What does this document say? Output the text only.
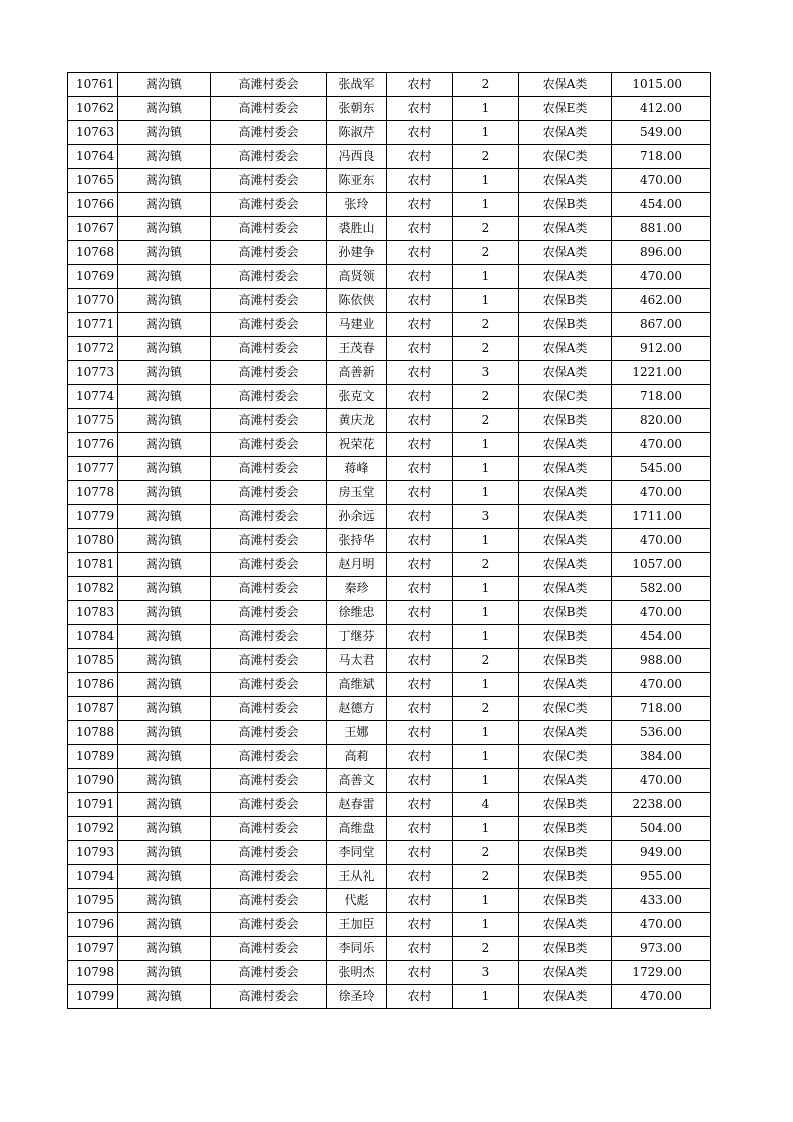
10761	蒿沟镇	高滩村委会	张战军	农村	2	农保A类	1015.00
10762	蒿沟镇	高滩村委会	张朝东	农村	1	农保E类	412.00
10763	蒿沟镇	高滩村委会	陈淑芹	农村	1	农保A类	549.00
10764	蒿沟镇	高滩村委会	冯西良	农村	2	农保C类	718.00
10765	蒿沟镇	高滩村委会	陈亚东	农村	1	农保A类	470.00
10766	蒿沟镇	高滩村委会	张玲	农村	1	农保B类	454.00
10767	蒿沟镇	高滩村委会	裘胜山	农村	2	农保A类	881.00
10768	蒿沟镇	高滩村委会	孙建争	农村	2	农保A类	896.00
10769	蒿沟镇	高滩村委会	高贤领	农村	1	农保A类	470.00
10770	蒿沟镇	高滩村委会	陈依侠	农村	1	农保B类	462.00
10771	蒿沟镇	高滩村委会	马建业	农村	2	农保B类	867.00
10772	蒿沟镇	高滩村委会	王茂春	农村	2	农保A类	912.00
10773	蒿沟镇	高滩村委会	高善新	农村	3	农保A类	1221.00
10774	蒿沟镇	高滩村委会	张克文	农村	2	农保C类	718.00
10775	蒿沟镇	高滩村委会	黄庆龙	农村	2	农保B类	820.00
10776	蒿沟镇	高滩村委会	祝荣花	农村	1	农保A类	470.00
10777	蒿沟镇	高滩村委会	蒋峰	农村	1	农保A类	545.00
10778	蒿沟镇	高滩村委会	房玉堂	农村	1	农保A类	470.00
10779	蒿沟镇	高滩村委会	孙余远	农村	3	农保A类	1711.00
10780	蒿沟镇	高滩村委会	张持华	农村	1	农保A类	470.00
10781	蒿沟镇	高滩村委会	赵月明	农村	2	农保A类	1057.00
10782	蒿沟镇	高滩村委会	秦珍	农村	1	农保A类	582.00
10783	蒿沟镇	高滩村委会	徐维忠	农村	1	农保B类	470.00
10784	蒿沟镇	高滩村委会	丁继芬	农村	1	农保B类	454.00
10785	蒿沟镇	高滩村委会	马太君	农村	2	农保B类	988.00
10786	蒿沟镇	高滩村委会	高维斌	农村	1	农保A类	470.00
10787	蒿沟镇	高滩村委会	赵德方	农村	2	农保C类	718.00
10788	蒿沟镇	高滩村委会	王娜	农村	1	农保A类	536.00
10789	蒿沟镇	高滩村委会	高莉	农村	1	农保C类	384.00
10790	蒿沟镇	高滩村委会	高善文	农村	1	农保A类	470.00
10791	蒿沟镇	高滩村委会	赵春雷	农村	4	农保B类	2238.00
10792	蒿沟镇	高滩村委会	高维盘	农村	1	农保B类	504.00
10793	蒿沟镇	高滩村委会	李同堂	农村	2	农保B类	949.00
10794	蒿沟镇	高滩村委会	王从礼	农村	2	农保B类	955.00
10795	蒿沟镇	高滩村委会	代彪	农村	1	农保B类	433.00
10796	蒿沟镇	高滩村委会	王加臣	农村	1	农保A类	470.00
10797	蒿沟镇	高滩村委会	李同乐	农村	2	农保B类	973.00
10798	蒿沟镇	高滩村委会	张明杰	农村	3	农保A类	1729.00
10799	蒿沟镇	高滩村委会	徐圣玲	农村	1	农保A类	470.00
